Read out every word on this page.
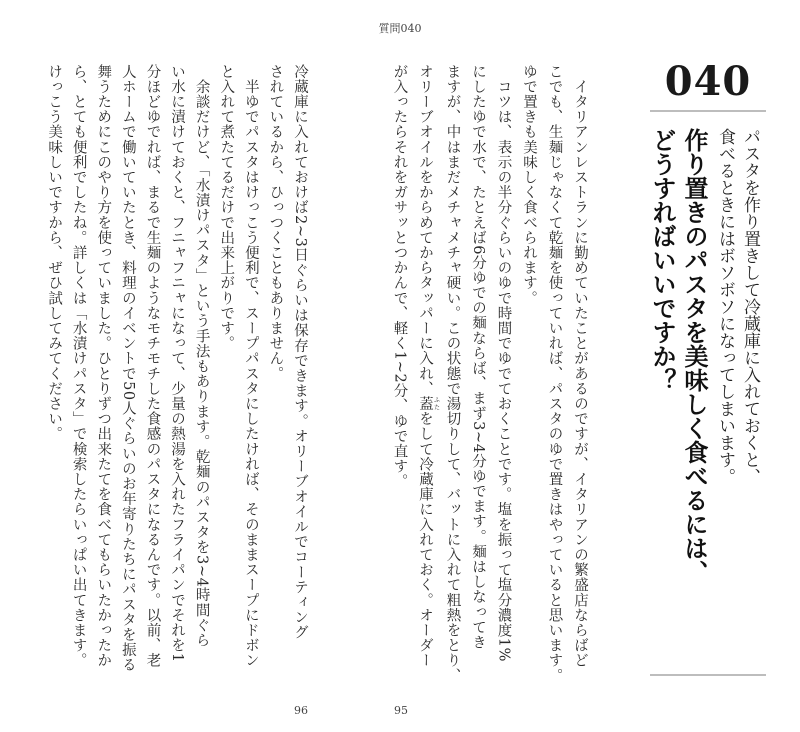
質問040
冷蔵庫に入れておけば2~3日ぐらいは保存できます。オリーブオイルでコーティング
されているから、ひっつくこともありません。
　半ゆでパスタはけっこう便利で、スープパスタにしたければ、そのままスープにドボン
と入れて煮たてるだけで出来上がりです。
　余談だけど、「水漬けパスタ」という手法もあります。乾麺のパスタを3~4時間ぐら
い水に漬けておくと、フニャフニャになって、少量の熱湯を入れたフライパンでそれを1
分ほどゆでれば、まるで生麺のようなモチモチした食感のパスタになるんです。以前、老
人ホームで働いていたとき、料理のイベントで50人ぐらいのお年寄りたちにパスタを振る
舞うためにこのやり方を使っていました。ひとりずつ出来たてを食べてもらいたかったか
ら、とても便利でしたね。詳しくは「水漬けパスタ」で検索したらいっぱい出てきます。
けっこう美味しいですから、ぜひ試してみてください。	　イタリアンレストランに勤めていたことがあるのですが、イタリアンの繁盛店ならばど
こでも、生麺じゃなくて乾麺を使っていれば、パスタのゆで置きはやっていると思います。
ゆで置きも美味しく食べられます。
　コツは、表示の半分ぐらいのゆで時間でゆでておくことです。塩を振って塩分濃度1%
にしたゆで水で、たとえば6分ゆでの麺ならば、まず3~4分ゆでます。麺はしなってき
ますが、中はまだメチャメチャ硬い。この状態で湯切りして、バットに入れて粗熱をとり、
オリーブオイルをからめてからタッパーに入れ、蓋 ふたをして冷蔵庫に入れておく。オーダー
が入ったらそれをガサッとつかんで、軽く1~2分、ゆで直す。	040
パスタを作り置きして冷蔵庫に入れておくと、
食べるときにはボソボソになってしまいます。
作り置きのパスタを美味しく食べるには、
どうすればいいですか？
96	95
